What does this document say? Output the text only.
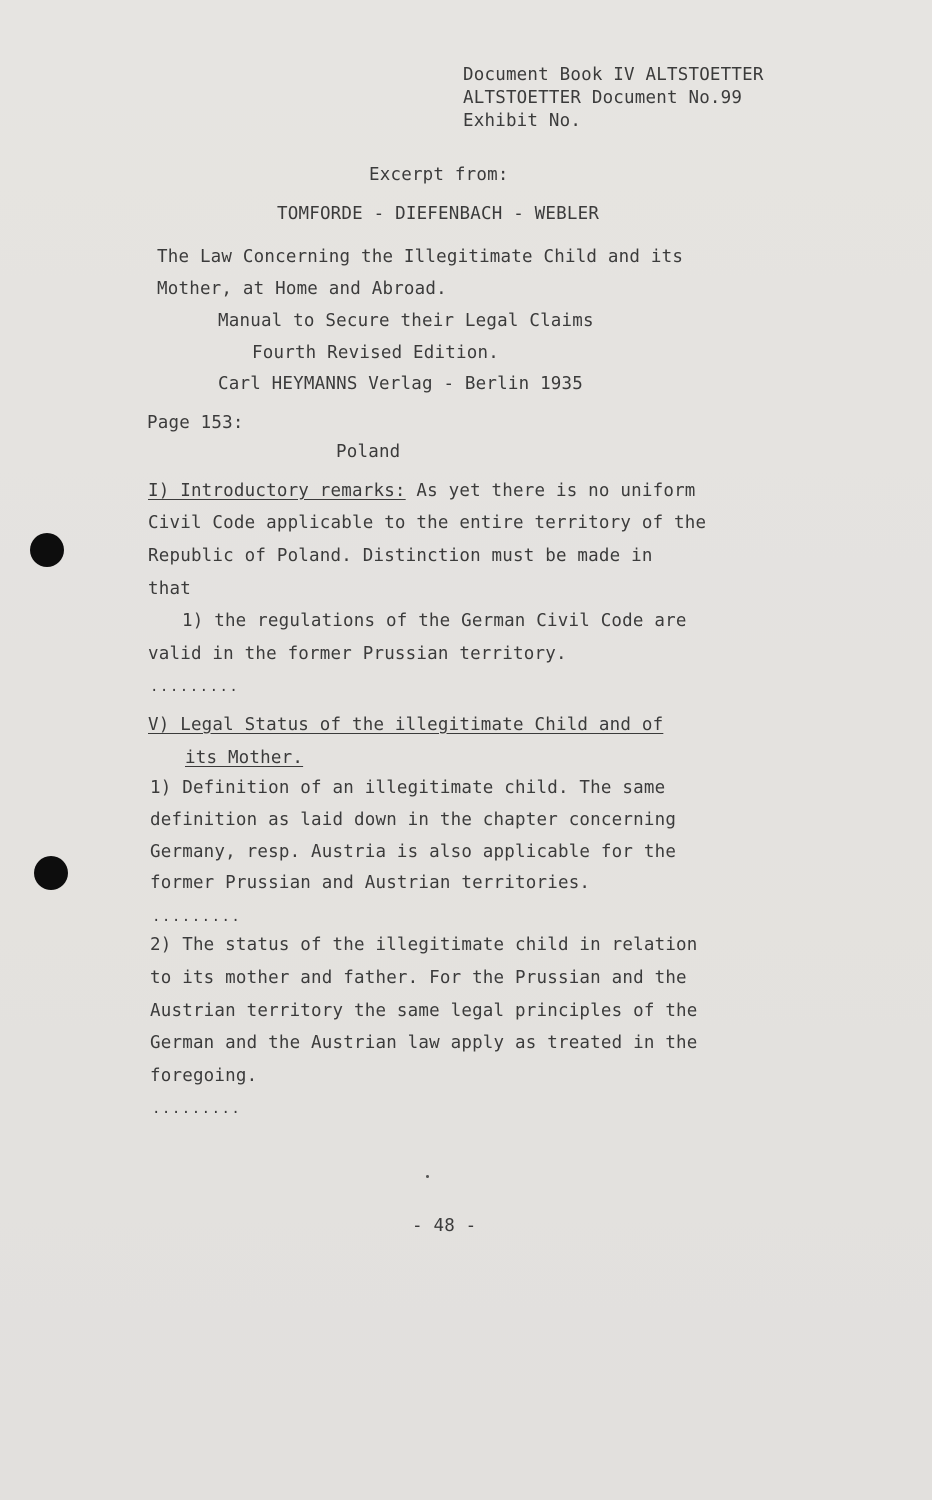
Document Book IV ALTSTOETTER
ALTSTOETTER Document No.99
Exhibit No.
Excerpt from:
TOMFORDE - DIEFENBACH - WEBLER
The Law Concerning the Illegitimate Child and its
Mother, at Home and Abroad.
Manual to Secure their Legal Claims
Fourth Revised Edition.
Carl HEYMANNS Verlag - Berlin 1935
Page 153:
Poland
I) Introductory remarks: As yet there is no uniform
Civil Code applicable to the entire territory of the
Republic of Poland. Distinction must be made in
that
1) the regulations of the German Civil Code are
valid in the former Prussian territory.
.........
V) Legal Status of the illegitimate Child and of
its Mother.
1) Definition of an illegitimate child. The same
definition as laid down in the chapter concerning
Germany, resp. Austria is also applicable for the
former Prussian and Austrian territories.
.........
2) The status of the illegitimate child in relation
to its mother and father. For the Prussian and the
Austrian territory the same legal principles of the
German and the Austrian law apply as treated in the
foregoing.
.........
- 48 -
